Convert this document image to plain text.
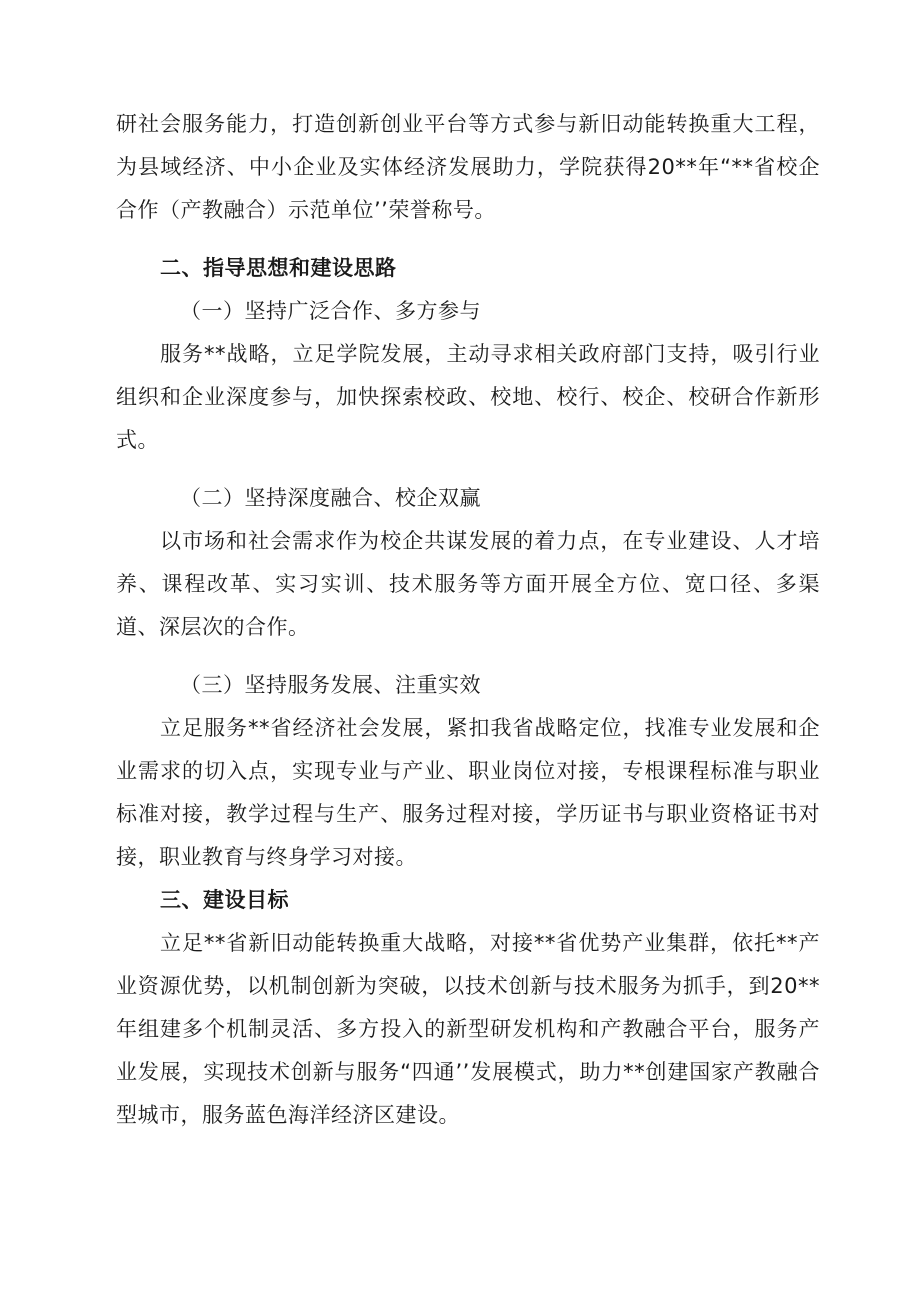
研社会服务能力，打造创新创业平台等方式参与新旧动能转换重大工程，为县域经济、中小企业及实体经济发展助力，学院获得20**年“**省校企合作（产教融合）示范单位’’荣誉称号。

二、指导思想和建设思路

（一）坚持广泛合作、多方参与

服务**战略，立足学院发展，主动寻求相关政府部门支持，吸引行业组织和企业深度参与，加快探索校政、校地、校行、校企、校研合作新形式。

（二）坚持深度融合、校企双赢

以市场和社会需求作为校企共谋发展的着力点，在专业建设、人才培养、课程改革、实习实训、技术服务等方面开展全方位、宽口径、多渠道、深层次的合作。

（三）坚持服务发展、注重实效

立足服务**省经济社会发展，紧扣我省战略定位，找准专业发展和企业需求的切入点，实现专业与产业、职业岗位对接，专根课程标准与职业标准对接，教学过程与生产、服务过程对接，学历证书与职业资格证书对接，职业教育与终身学习对接。

三、建设目标

立足**省新旧动能转换重大战略，对接**省优势产业集群，依托**产业资源优势，以机制创新为突破，以技术创新与技术服务为抓手，到20**年组建多个机制灵活、多方投入的新型研发机构和产教融合平台，服务产业发展，实现技术创新与服务“四通’’发展模式，助力**创建国家产教融合型城市，服务蓝色海洋经济区建设。
